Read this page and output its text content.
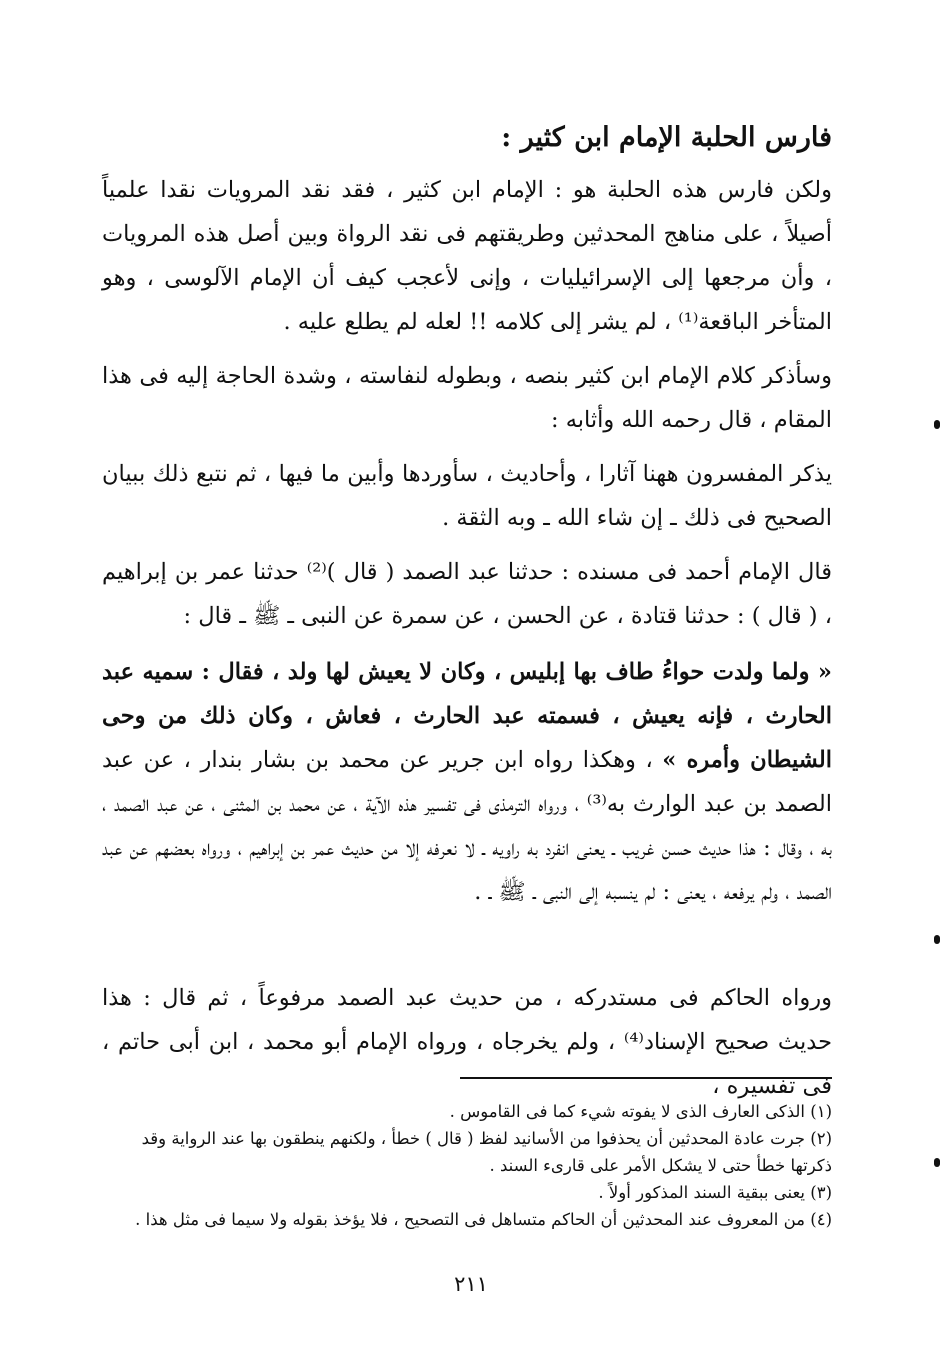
فارس الحلبة الإمام ابن كثير :
ولكن فارس هذه الحلبة هو : الإمام ابن كثير ، فقد نقد المرويات نقدا علمياً أصيلاً ، على مناهج المحدثين وطريقتهم فى نقد الرواة وبين أصل هذه المرويات ، وأن مرجعها إلى الإسرائيليات ، وإنى لأعجب كيف أن الإمام الآلوسى ، وهو المتأخر الباقعة⁽¹⁾ ، لم يشر إلى كلامه !! لعله لم يطلع عليه .
وسأذكر كلام الإمام ابن كثير بنصه ، وبطوله لنفاسته ، وشدة الحاجة إليه فى هذا المقام ، قال رحمه الله وأثابه :
يذكر المفسرون ههنا آثارا ، وأحاديث ، سأوردها وأبين ما فيها ، ثم نتبع ذلك ببيان الصحيح فى ذلك ـ إن شاء الله ـ وبه الثقة .
قال الإمام أحمد فى مسنده : حدثنا عبد الصمد ( قال )⁽²⁾ حدثنا عمر بن إبراهيم ، ( قال ) : حدثنا قتادة ، عن الحسن ، عن سمرة عن النبى ـ ﷺ ـ قال :
« ولما ولدت حواءُ طاف بها إبليس ، وكان لا يعيش لها ولد ، فقال : سميه عبد الحارث ، فإنه يعيش ، فسمته عبد الحارث ، فعاش ، وكان ذلك من وحى الشيطان وأمره » ، وهكذا رواه ابن جرير عن محمد بن بشار بندار ، عن عبد الصمد بن عبد الوارث به⁽³⁾ ، ورواه الترمذى فى تفسير هذه الآية ، عن محمد بن المثنى ، عن عبد الصمد ، به ، وقال : هذا حديث حسن غريب ـ يعنى انفرد به راويه ـ لا نعرفه إلا من حديث عمر بن إبراهيم ، ورواه بعضهم عن عبد الصمد ، ولم يرفعه ، يعنى : لم ينسبه إلى النبى ـ ﷺ ـ .
ورواه الحاكم فى مستدركه ، من حديث عبد الصمد مرفوعاً ، ثم قال : هذا حديث صحيح الإسناد⁽⁴⁾ ، ولم يخرجاه ، ورواه الإمام أبو محمد ، ابن أبى حاتم ، فى تفسيره ،

(١) الذكى العارف الذى لا يفوته شيء كما فى القاموس .

(٢) جرت عادة المحدثين أن يحذفوا من الأسانيد لفظ ( قال ) خطأ ، ولكنهم ينطقون بها عند الرواية وقد ذكرتها خطأ حتى لا يشكل الأمر على قارىء السند .

(٣) يعنى ببقية السند المذكور أولاً .

(٤) من المعروف عند المحدثين أن الحاكم متساهل فى التصحيح ، فلا يؤخذ بقوله ولا سيما فى مثل هذا .

٢١١
